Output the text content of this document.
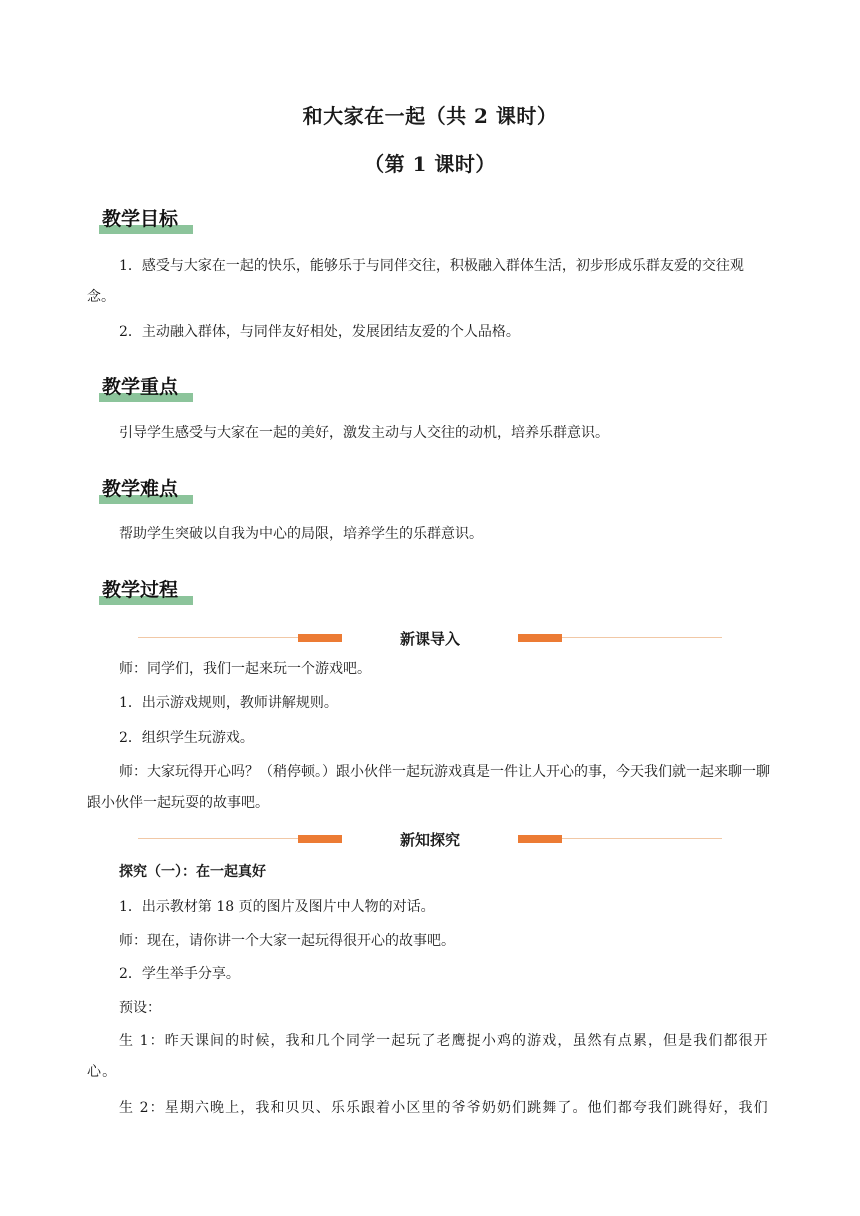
和大家在一起（共 2 课时）
（第 1 课时）
教学目标

1．感受与大家在一起的快乐，能够乐于与同伴交往，积极融入群体生活，初步形成乐群友爱的交往观念。

2．主动融入群体，与同伴友好相处，发展团结友爱的个人品格。

教学重点

引导学生感受与大家在一起的美好，激发主动与人交往的动机，培养乐群意识。

教学难点

帮助学生突破以自我为中心的局限，培养学生的乐群意识。

教学过程
新课导入

师：同学们，我们一起来玩一个游戏吧。

1．出示游戏规则，教师讲解规则。

2．组织学生玩游戏。

师：大家玩得开心吗？（稍停顿。）跟小伙伴一起玩游戏真是一件让人开心的事，今天我们就一起来聊一聊跟小伙伴一起玩耍的故事吧。

新知探究

探究（一）：在一起真好

1．出示教材第 18 页的图片及图片中人物的对话。

师：现在，请你讲一个大家一起玩得很开心的故事吧。

2．学生举手分享。

预设：

生 1：昨天课间的时候，我和几个同学一起玩了老鹰捉小鸡的游戏，虽然有点累，但是我们都很开心。

生 2：星期六晚上，我和贝贝、乐乐跟着小区里的爷爷奶奶们跳舞了。他们都夸我们跳得好，我们
